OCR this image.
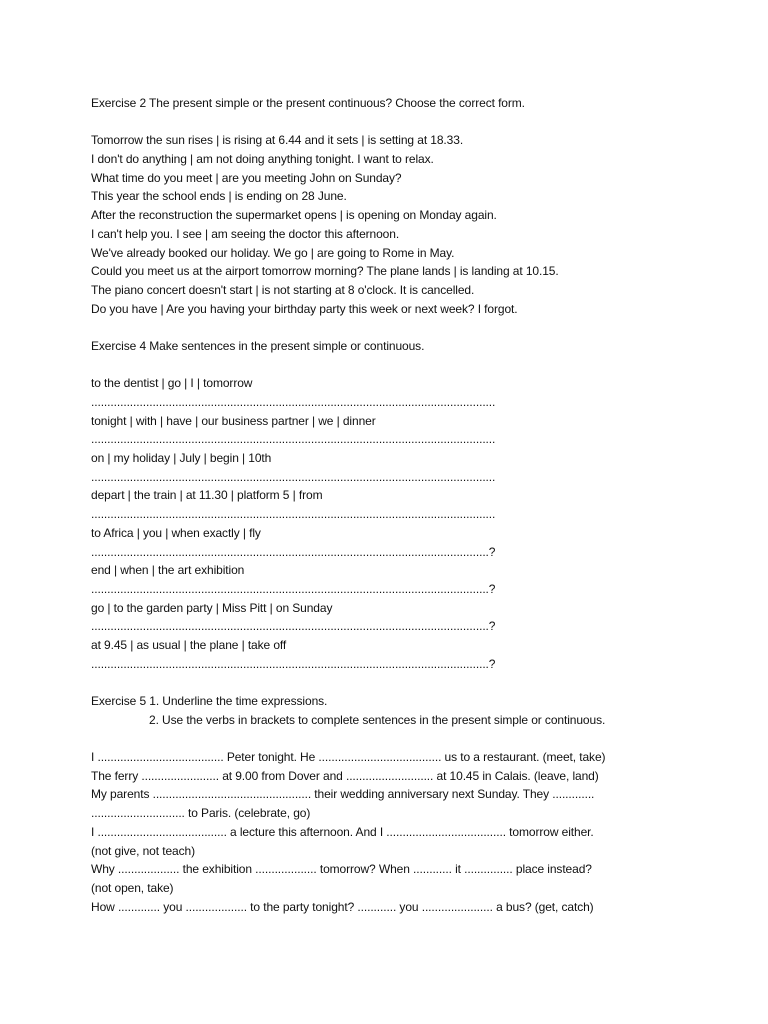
Exercise 2 The present simple or the present continuous? Choose the correct form.
Tomorrow the sun rises | is rising at 6.44 and it sets | is setting at 18.33.
I don't do anything | am not doing anything tonight. I want to relax.
What time do you meet | are you meeting John on Sunday?
This year the school ends | is ending on 28 June.
After the reconstruction the supermarket opens | is opening on Monday again.
I can't help you. I see | am seeing the doctor this afternoon.
We've already booked our holiday. We go | are going to Rome in May.
Could you meet us at the airport tomorrow morning? The plane lands | is landing at 10.15.
The piano concert doesn't start | is not starting at 8 o'clock. It is cancelled.
Do you have | Are you having your birthday party this week or next week? I forgot.
Exercise 4 Make sentences in the present simple or continuous.
to the dentist | go | I | tomorrow
.............................................................................................................................
tonight | with | have | our business partner | we | dinner
.............................................................................................................................
on | my holiday | July | begin | 10th
.............................................................................................................................
depart | the train | at 11.30 | platform 5 | from
.............................................................................................................................
to Africa | you | when exactly | fly
...........................................................................................................................?
end | when | the art exhibition
...........................................................................................................................?
go | to the garden party | Miss Pitt | on Sunday
...........................................................................................................................?
at 9.45 | as usual | the plane | take off
...........................................................................................................................?
Exercise 5 1. Underline the time expressions.
2. Use the verbs in brackets to complete sentences in the present simple or continuous.
I ....................................... Peter tonight. He ...................................... us to a restaurant. (meet, take)
The ferry ........................ at 9.00 from Dover and ........................... at 10.45 in Calais. (leave, land)
My parents ................................................. their wedding anniversary next Sunday. They .............
............................. to Paris. (celebrate, go)
I ........................................ a lecture this afternoon. And I ..................................... tomorrow either.
(not give, not teach)
Why ................... the exhibition ................... tomorrow? When ............ it ............... place instead?
(not open, take)
How ............. you ................... to the party tonight? ............ you ...................... a bus? (get, catch)
